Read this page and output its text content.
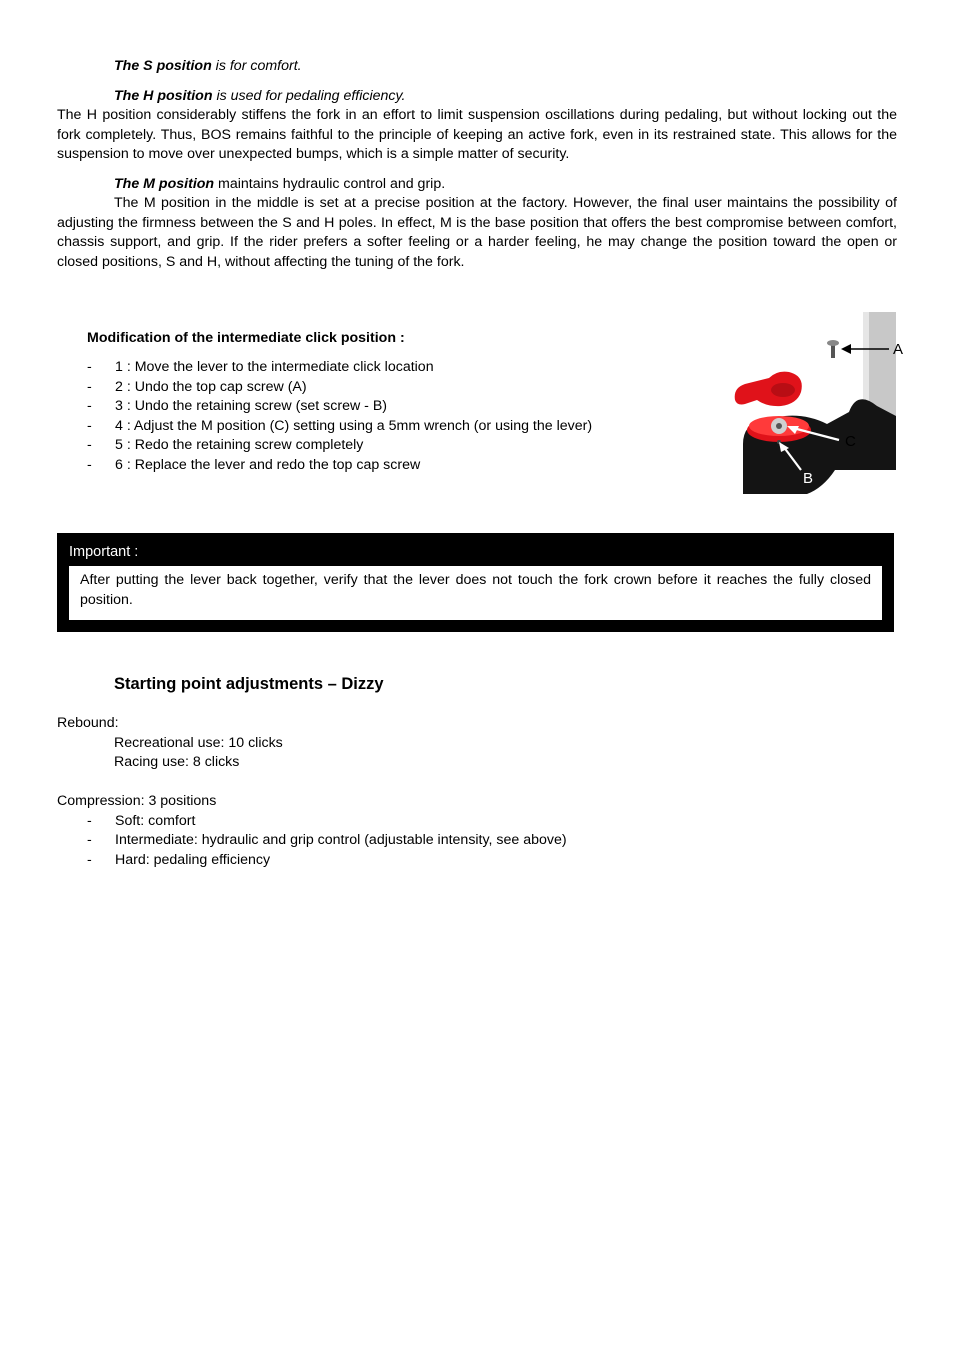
The S position is for comfort.

The H position is used for pedaling efficiency.

The H position considerably stiffens the fork in an effort to limit suspension oscillations during pedaling, but without locking out the fork completely. Thus, BOS remains faithful to the principle of keeping an active fork, even in its restrained state. This allows for the suspension to move over unexpected bumps, which is a simple matter of security.

The M position maintains hydraulic control and grip.

The M position in the middle is set at a precise position at the factory. However, the final user maintains the possibility of adjusting the firmness between the S and H poles. In effect, M is the base position that offers the best compromise between comfort, chassis support, and grip. If the rider prefers a softer feeling or a harder feeling, he may change the position toward the open or closed positions, S and H, without affecting the tuning of the fork.

Modification of the intermediate click position :

- 1 : Move the lever to the intermediate click location
- 2 : Undo the top cap screw (A)
- 3 : Undo the retaining screw (set screw - B)
- 4 : Adjust the M position (C) setting using a 5mm wrench (or using the lever)
- 5 : Redo the retaining screw completely
- 6 : Replace the lever and redo the top cap screw
A
C
B
Important :
After putting the lever back together, verify that the lever does not touch the fork crown before it reaches the fully closed position.

Starting point adjustments – Dizzy

Rebound:

Recreational use: 10 clicks

Racing use: 8 clicks

Compression: 3 positions

- Soft: comfort
- Intermediate: hydraulic and grip control (adjustable intensity, see above)
- Hard: pedaling efficiency
